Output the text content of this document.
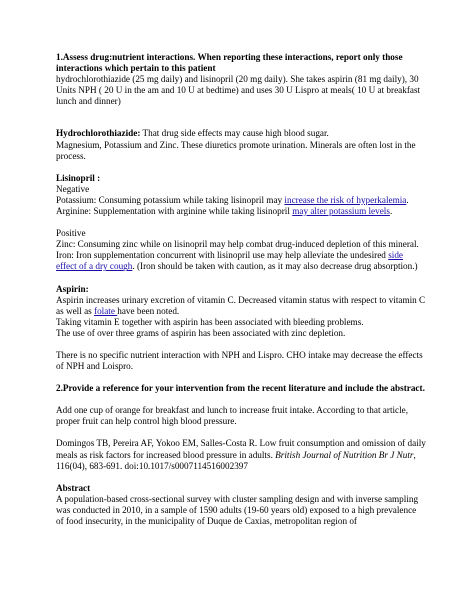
1.Assess drug:nutrient interactions. When reporting these interactions, report only those interactions which pertain to this patient

hydrochlorothiazide (25 mg daily) and lisinopril (20 mg daily). She takes aspirin (81 mg daily), 30 Units NPH ( 20 U in the am and 10 U at bedtime) and uses 30 U Lispro at meals( 10 U at breakfast lunch and dinner)

Hydrochlorothiazide: That drug side effects may cause high blood sugar.

Magnesium, Potassium and Zinc. These diuretics promote urination. Minerals are often lost in the process.

Lisinopril :

Negative

Potassium: Consuming potassium while taking lisinopril may increase the risk of hyperkalemia.

Arginine: Supplementation with arginine while taking lisinopril may alter potassium levels.

Positive

Zinc: Consuming zinc while on lisinopril may help combat drug-induced depletion of this mineral.

Iron: Iron supplementation concurrent with lisinopril use may help alleviate the undesired side effect of a dry cough. (Iron should be taken with caution, as it may also decrease drug absorption.)

Aspirin:

Aspirin increases urinary excretion of vitamin C. Decreased vitamin status with respect to vitamin C as well as folate have been noted.

Taking vitamin E together with aspirin has been associated with bleeding problems.

The use of over three grams of aspirin has been associated with zinc depletion.

There is no specific nutrient interaction with NPH and Lispro. CHO intake may decrease the effects of NPH and Loispro.

2.Provide a reference for your intervention from the recent literature and include the abstract.

Add one cup of orange for breakfast and lunch to increase fruit intake. According to that article, proper fruit can help control high blood pressure.

Domingos TB, Pereira AF, Yokoo EM, Salles-Costa R. Low fruit consumption and omission of daily meals as risk factors for increased blood pressure in adults. British Journal of Nutrition Br J Nutr, 116(04), 683-691. doi:10.1017/s0007114516002397

Abstract

A population-based cross-sectional survey with cluster sampling design and with inverse sampling was conducted in 2010, in a sample of 1590 adults (19-60 years old) exposed to a high prevalence of food insecurity, in the municipality of Duque de Caxias, metropolitan region of
